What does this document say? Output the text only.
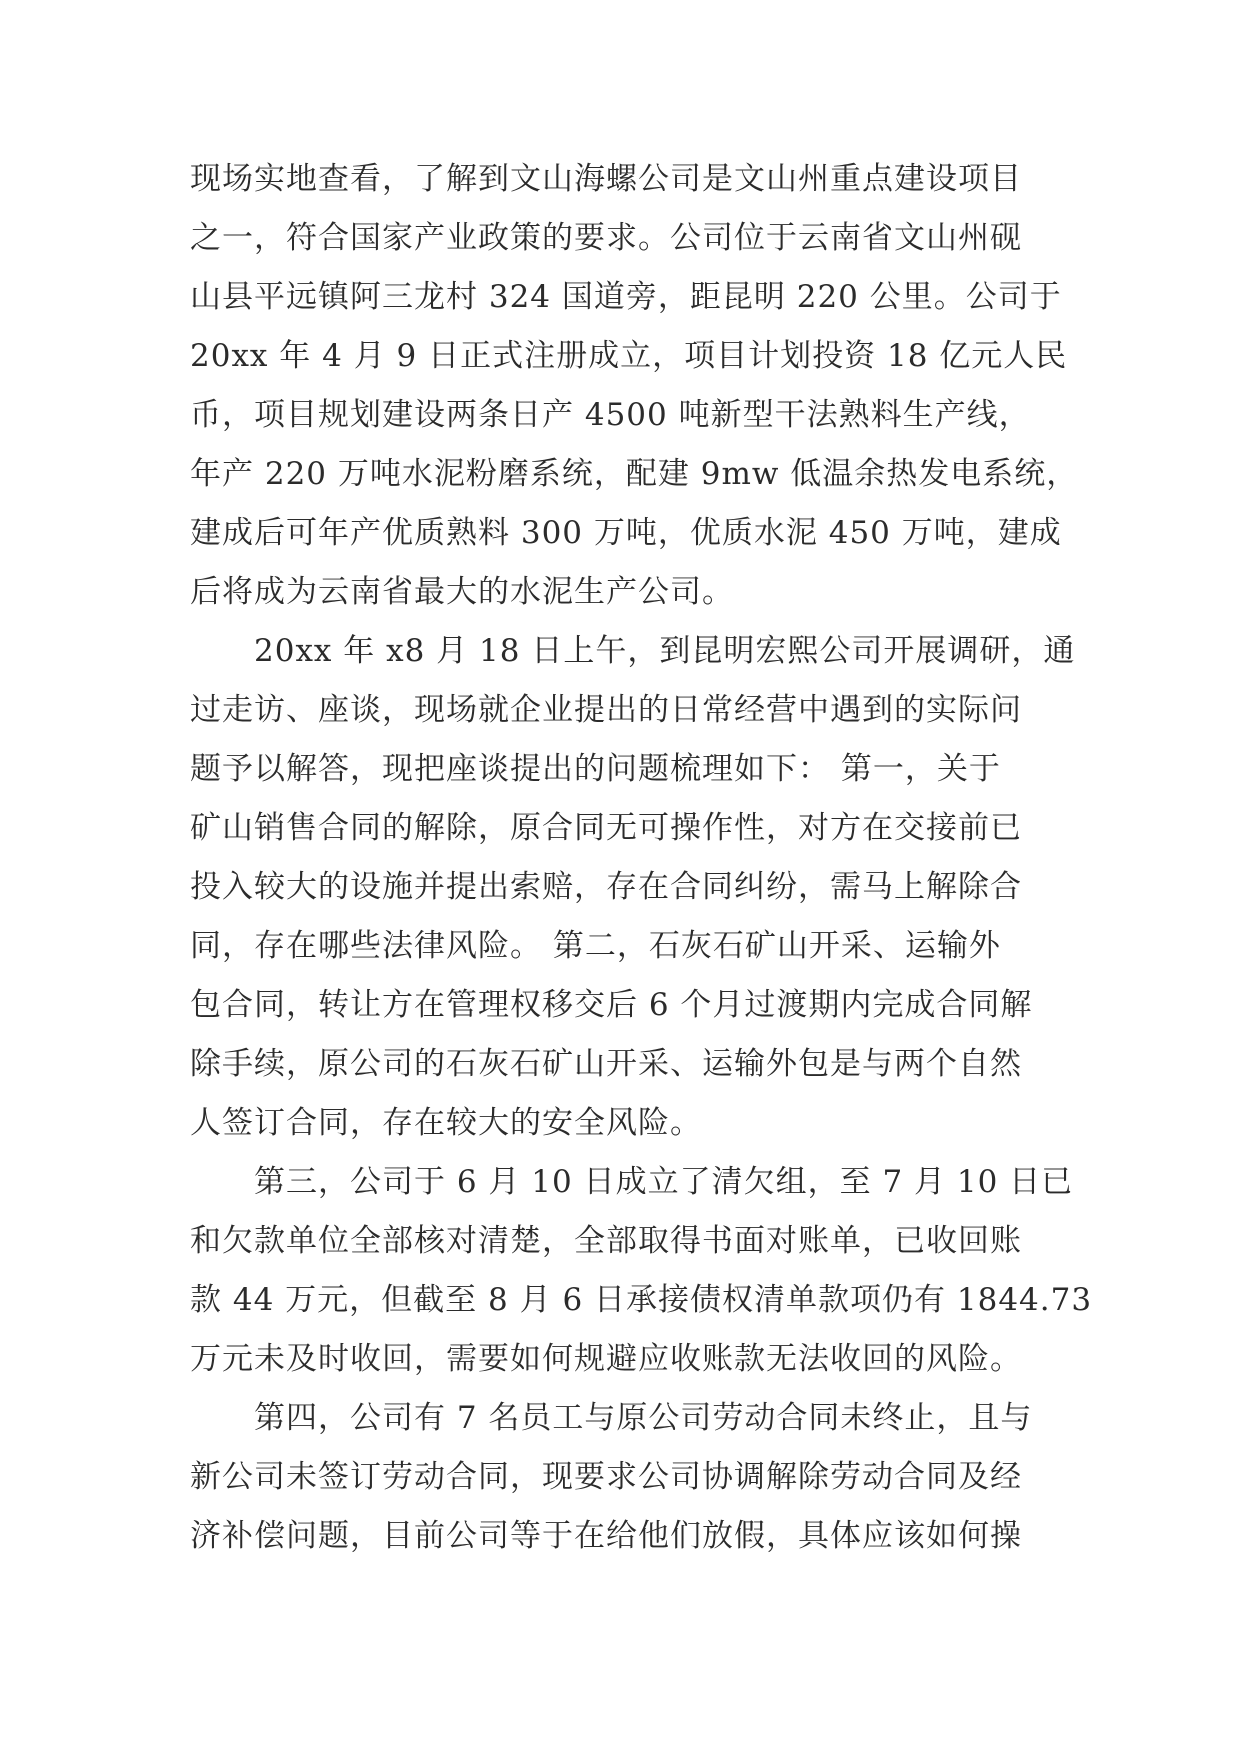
现场实地查看，了解到文山海螺公司是文山州重点建设项目
之一，符合国家产业政策的要求。公司位于云南省文山州砚
山县平远镇阿三龙村 324 国道旁，距昆明 220 公里。公司于
20xx 年 4 月 9 日正式注册成立，项目计划投资 18 亿元人民
币，项目规划建设两条日产 4500 吨新型干法熟料生产线，
年产 220 万吨水泥粉磨系统，配建 9mw 低温余热发电系统，
建成后可年产优质熟料 300 万吨，优质水泥 450 万吨，建成
后将成为云南省最大的水泥生产公司。
20xx 年 x8 月 18 日上午，到昆明宏熙公司开展调研，通
过走访、座谈，现场就企业提出的日常经营中遇到的实际问
题予以解答，现把座谈提出的问题梳理如下： 第一，关于
矿山销售合同的解除，原合同无可操作性，对方在交接前已
投入较大的设施并提出索赔，存在合同纠纷，需马上解除合
同，存在哪些法律风险。 第二，石灰石矿山开采、运输外
包合同，转让方在管理权移交后 6 个月过渡期内完成合同解
除手续，原公司的石灰石矿山开采、运输外包是与两个自然
人签订合同，存在较大的安全风险。
第三，公司于 6 月 10 日成立了清欠组，至 7 月 10 日已
和欠款单位全部核对清楚，全部取得书面对账单，已收回账
款 44 万元，但截至 8 月 6 日承接债权清单款项仍有 1844.73
万元未及时收回，需要如何规避应收账款无法收回的风险。
第四，公司有 7 名员工与原公司劳动合同未终止，且与
新公司未签订劳动合同，现要求公司协调解除劳动合同及经
济补偿问题，目前公司等于在给他们放假，具体应该如何操
